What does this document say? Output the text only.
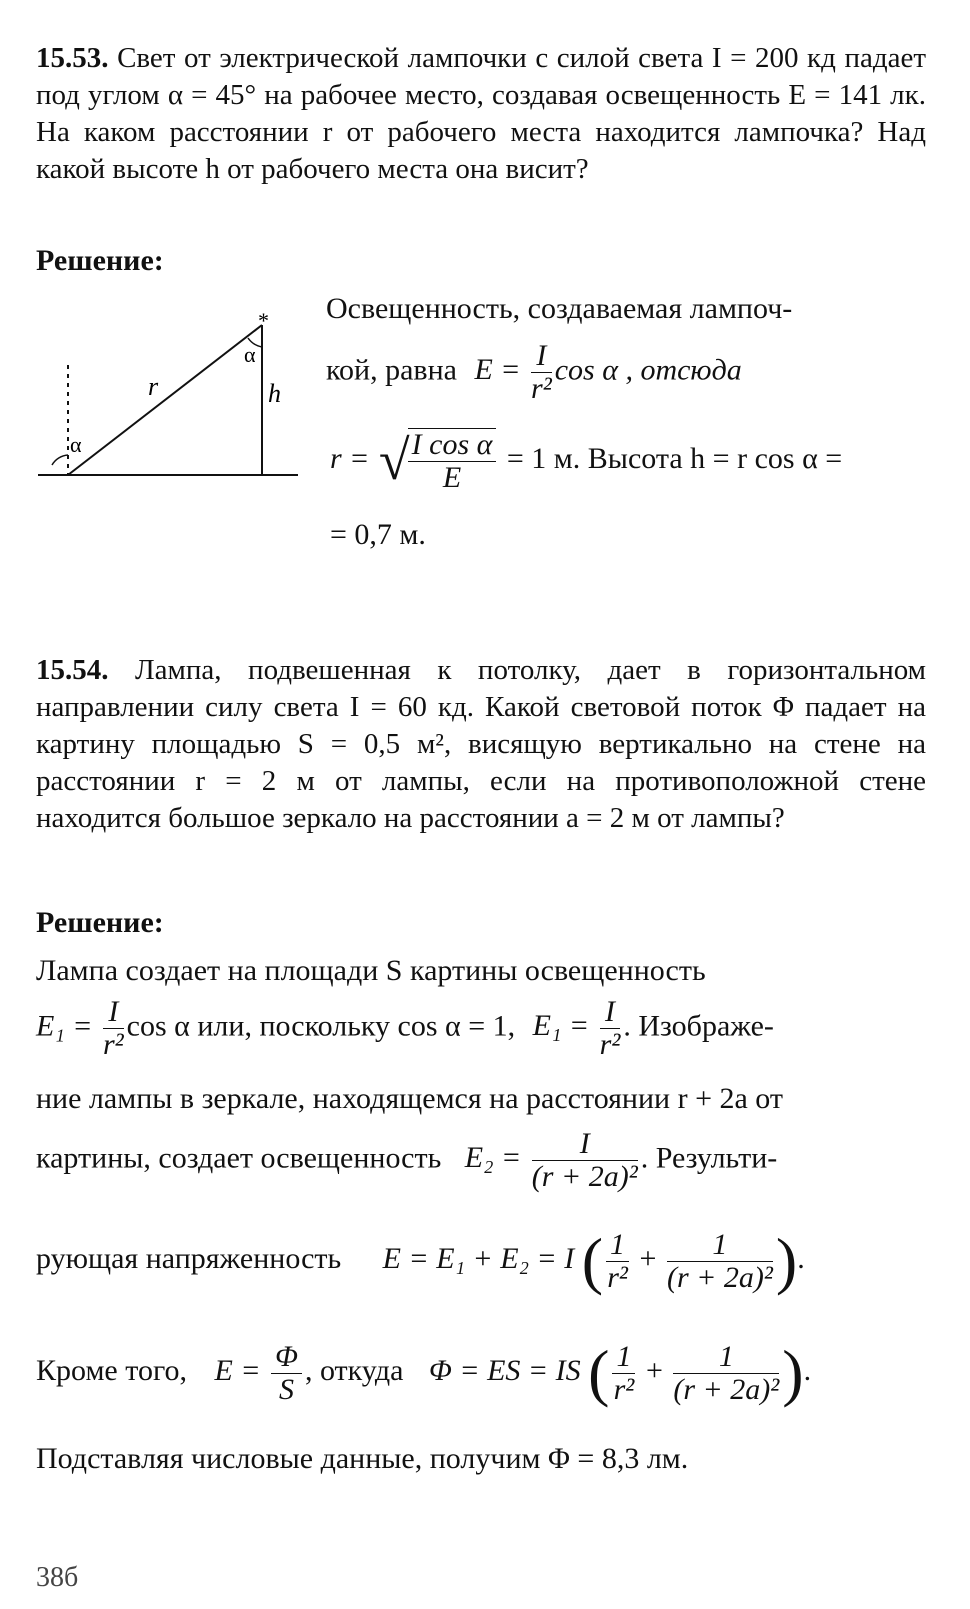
15.53. Свет от электрической лампочки с силой света I = 200 кд падает под углом α = 45° на рабочее место, создавая освещенность E = 141 лк. На каком расстоянии r от рабочего места находится лампочка? Над какой высоте h от рабочего места она висит?
Решение:
*
r	h
α
α
Освещенность, создаваемая лампоч-
кой, равна $E = \frac{I}{\text{r²}}$ cos α , отсюда
r = √
$\frac{\text{I cos α}}{E} = 1$ м. Высота h = r cos α =
= 0,7 м.
15.54. Лампа, подвешенная к потолку, дает в горизонтальном направлении силу света I = 60 кд. Какой световой поток Φ падает на картину площадью S = 0,5 м², висящую вертикально на стене на расстоянии r = 2 м от лампы, если на противоположной стене находится большое зеркало на расстоянии a = 2 м от лампы?
Решение:
Лампа создает на площади S картины освещенность
$E_1 = \frac{I}{\text{r²}}$ cos α или, поскольку cos α = 1, $E_1 = \frac{I}{\text{r²}}$ . Изображе-
ние лампы в зеркале, находящемся на расстоянии r + 2a от
картины, создает освещенность $E_2 = \frac{I}{\text{(r + 2a)²}}$ . Результи-
рующая напряженность E = E₁ + E₂ = I ( $\frac{1}{\text{r²}} + \frac{1}{\text{(r + 2a)²}}$ ).
Кроме того, $E = \frac{\Phi}{S}$ , откуда Φ = ES = IS ( $\frac{1}{\text{r²}} + \frac{1}{\text{(r + 2a)²}}$ ).
Подставляя числовые данные, получим Φ = 8,3 лм.
38б
